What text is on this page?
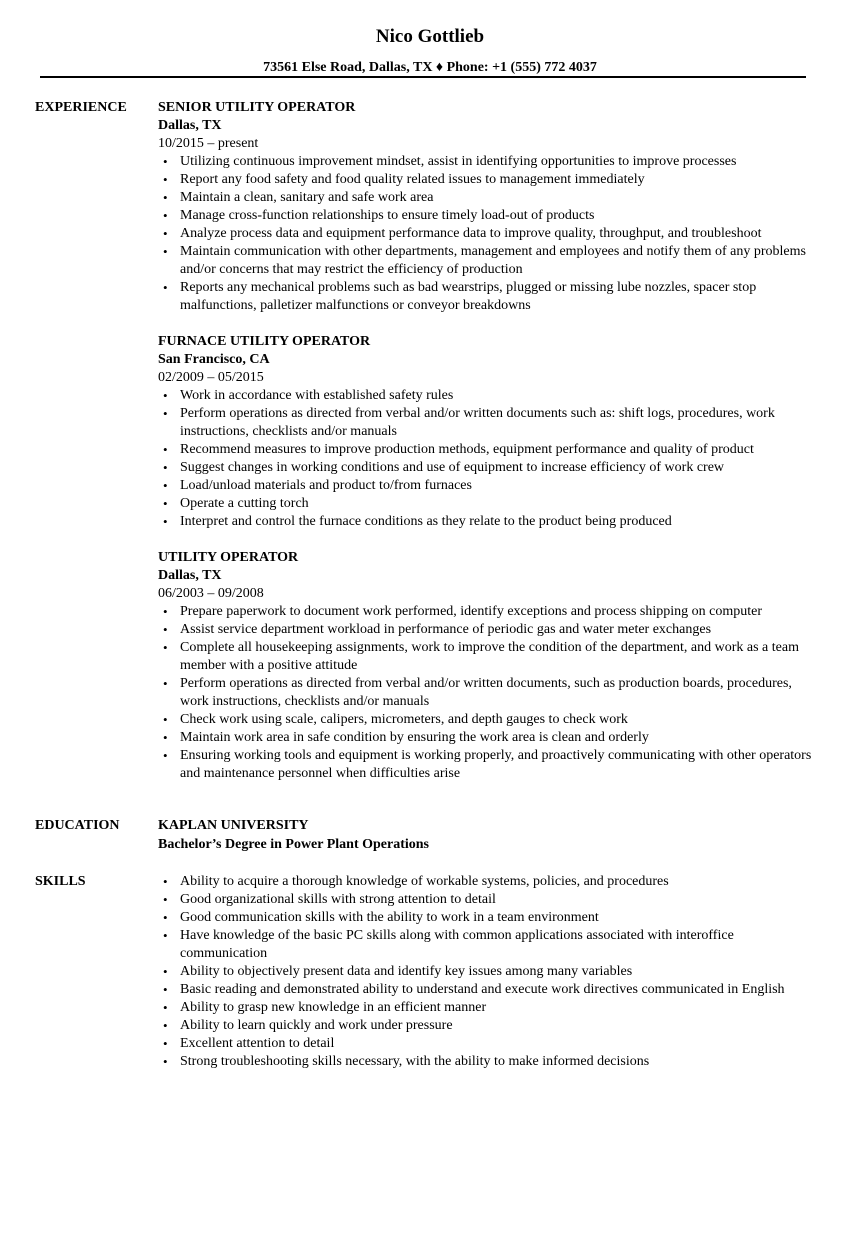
Nico Gottlieb
73561 Else Road, Dallas, TX ♦ Phone: +1 (555) 772 4037
EXPERIENCE SENIOR UTILITY OPERATOR
Dallas, TX
10/2015 – present
• Utilizing continuous improvement mindset, assist in identifying opportunities to improve processes
• Report any food safety and food quality related issues to management immediately
• Maintain a clean, sanitary and safe work area
• Manage cross-function relationships to ensure timely load-out of products
• Analyze process data and equipment performance data to improve quality, throughput, and troubleshoot
• Maintain communication with other departments, management and employees and notify them of any problems and/or concerns that may restrict the efficiency of production
• Reports any mechanical problems such as bad wearstrips, plugged or missing lube nozzles, spacer stop malfunctions, palletizer malfunctions or conveyor breakdowns
FURNACE UTILITY OPERATOR
San Francisco, CA
02/2009 – 05/2015
• Work in accordance with established safety rules
• Perform operations as directed from verbal and/or written documents such as: shift logs, procedures, work instructions, checklists and/or manuals
• Recommend measures to improve production methods, equipment performance and quality of product
• Suggest changes in working conditions and use of equipment to increase efficiency of work crew
• Load/unload materials and product to/from furnaces
• Operate a cutting torch
• Interpret and control the furnace conditions as they relate to the product being produced
UTILITY OPERATOR
Dallas, TX
06/2003 – 09/2008
• Prepare paperwork to document work performed, identify exceptions and process shipping on computer
• Assist service department workload in performance of periodic gas and water meter exchanges
• Complete all housekeeping assignments, work to improve the condition of the department, and work as a team member with a positive attitude
• Perform operations as directed from verbal and/or written documents, such as production boards, procedures, work instructions, checklists and/or manuals
• Check work using scale, calipers, micrometers, and depth gauges to check work
• Maintain work area in safe condition by ensuring the work area is clean and orderly
• Ensuring working tools and equipment is working properly, and proactively communicating with other operators and maintenance personnel when difficulties arise
EDUCATION	KAPLAN UNIVERSITY
Bachelor’s Degree in Power Plant Operations
SKILLS
•	Ability to acquire a thorough knowledge of workable systems, policies, and procedures
• Good organizational skills with strong attention to detail
• Good communication skills with the ability to work in a team environment
• Have knowledge of the basic PC skills along with common applications associated with interoffice communication
• Ability to objectively present data and identify key issues among many variables
• Basic reading and demonstrated ability to understand and execute work directives communicated in English
• Ability to grasp new knowledge in an efficient manner
• Ability to learn quickly and work under pressure
• Excellent attention to detail
• Strong troubleshooting skills necessary, with the ability to make informed decisions
